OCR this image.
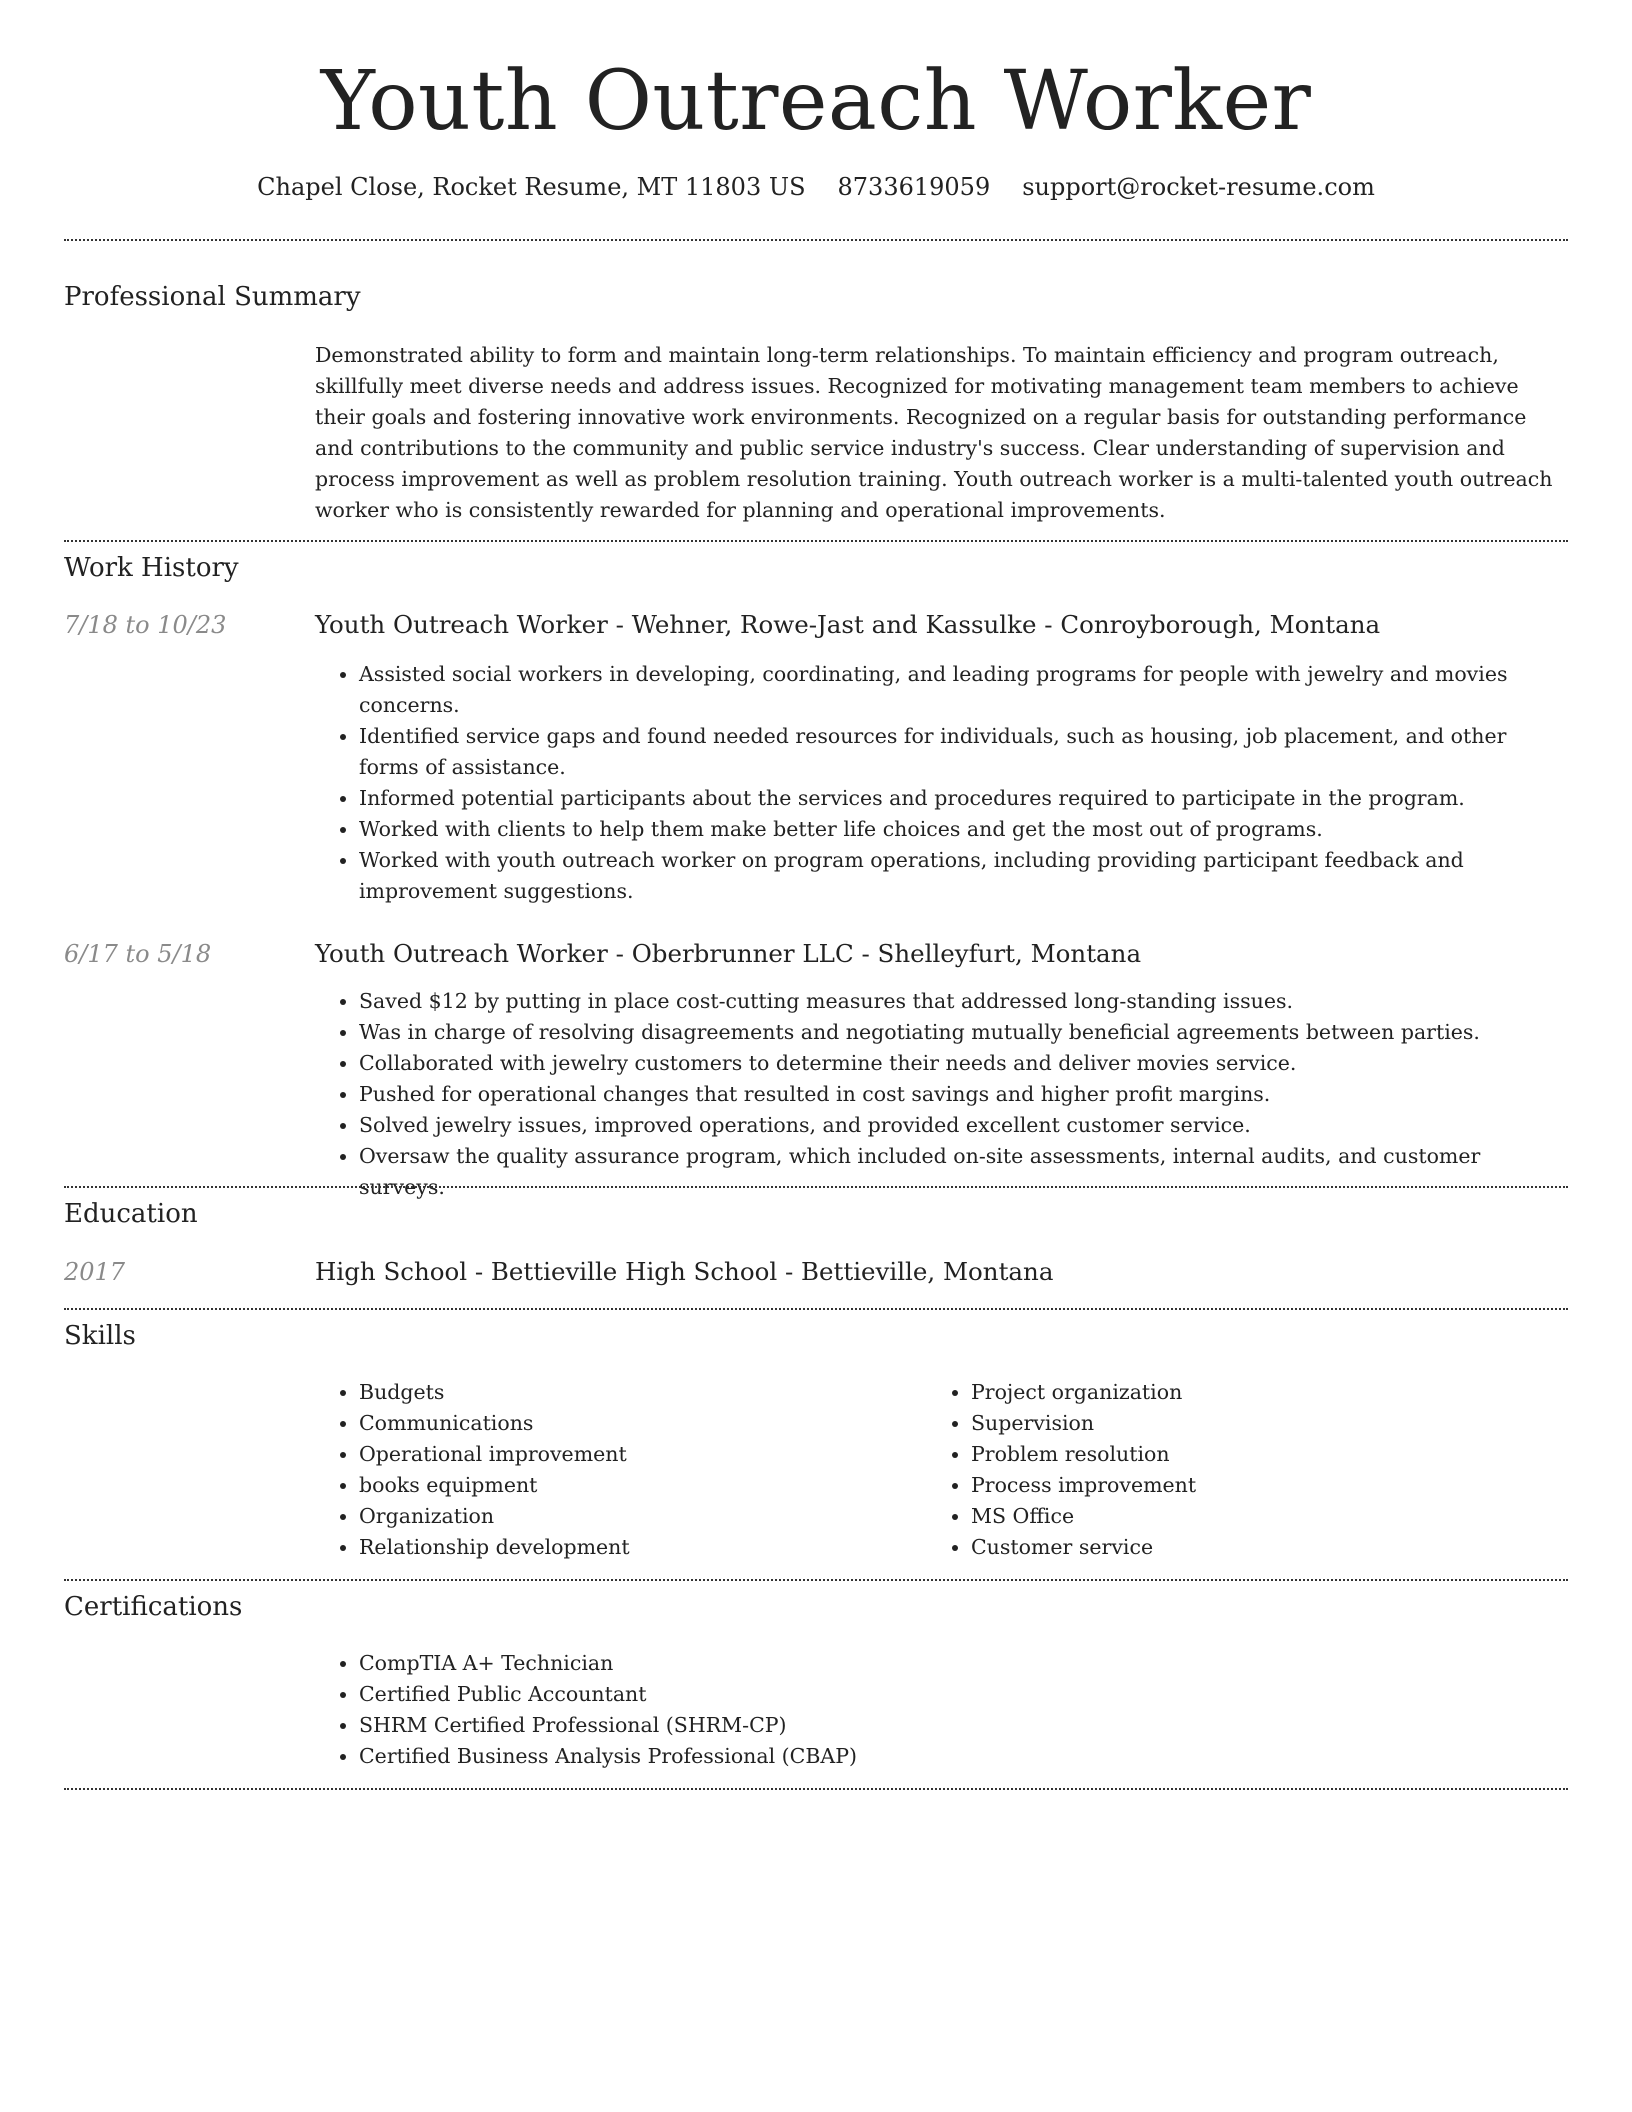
Youth Outreach Worker
Chapel Close, Rocket Resume, MT 11803 US 8733619059 support@rocket-resume.com
Professional Summary

Demonstrated ability to form and maintain long-term relationships. To maintain efficiency and program outreach, skillfully meet diverse needs and address issues. Recognized for motivating management team members to achieve their goals and fostering innovative work environments. Recognized on a regular basis for outstanding performance and contributions to the community and public service industry's success. Clear understanding of supervision and process improvement as well as problem resolution training. Youth outreach worker is a multi-talented youth outreach worker who is consistently rewarded for planning and operational improvements.

Work History
7/18 to 10/23	Youth Outreach Worker - Wehner, Rowe-Jast and Kassulke - Conroyborough, Montana
• Assisted social workers in developing, coordinating, and leading programs for people with jewelry and movies concerns.
• Identified service gaps and found needed resources for individuals, such as housing, job placement, and other forms of assistance.
• Informed potential participants about the services and procedures required to participate in the program.
• Worked with clients to help them make better life choices and get the most out of programs.
• Worked with youth outreach worker on program operations, including providing participant feedback and improvement suggestions.
6/17 to 5/18	Youth Outreach Worker - Oberbrunner LLC - Shelleyfurt, Montana
• Saved $12 by putting in place cost-cutting measures that addressed long-standing issues.
• Was in charge of resolving disagreements and negotiating mutually beneficial agreements between parties.
• Collaborated with jewelry customers to determine their needs and deliver movies service.
• Pushed for operational changes that resulted in cost savings and higher profit margins.
• Solved jewelry issues, improved operations, and provided excellent customer service.
• Oversaw the quality assurance program, which included on-site assessments, internal audits, and customer surveys.
Education
2017	High School - Bettieville High School - Bettieville, Montana
Skills
• Budgets
• Communications
• Operational improvement
• books equipment
• Organization
• Relationship development
• Project organization
• Supervision
• Problem resolution
• Process improvement
• MS Office
• Customer service
Certifications
• CompTIA A+ Technician
• Certified Public Accountant
• SHRM Certified Professional (SHRM-CP)
• Certified Business Analysis Professional (CBAP)
